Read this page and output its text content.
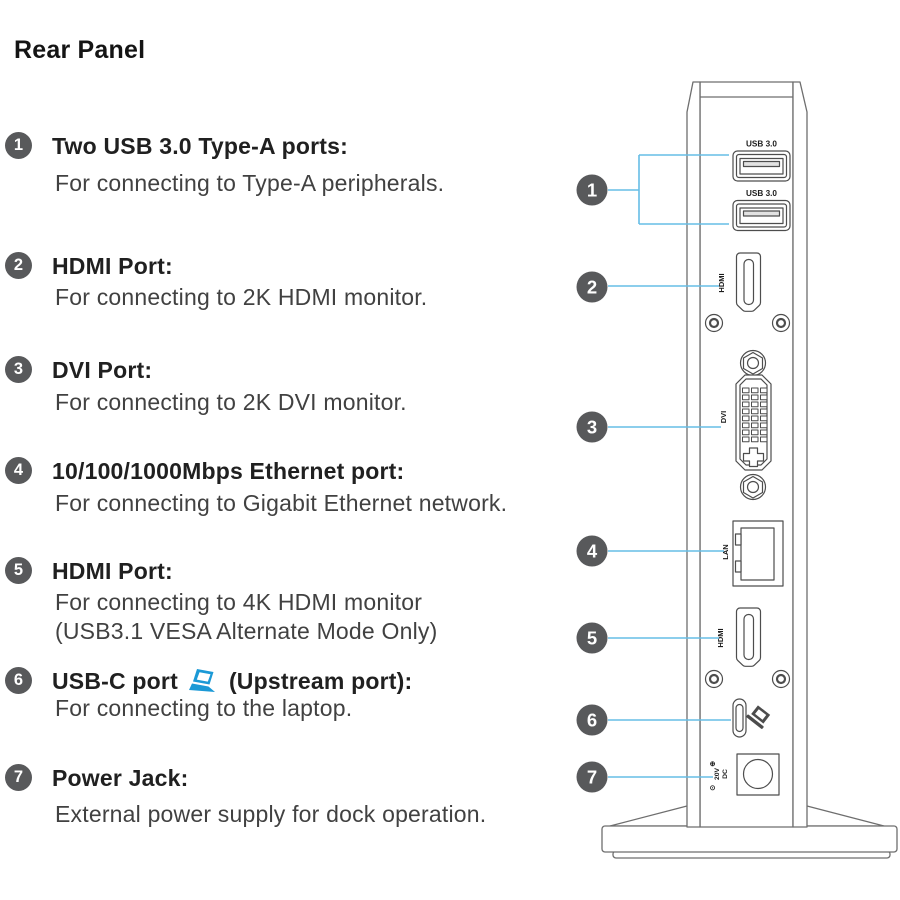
Rear Panel
1	Two USB 3.0 Type-A ports:

For connecting to Type-A peripherals.

2	HDMI Port:

For connecting to 2K HDMI monitor.

3	DVI Port:

For connecting to 2K DVI monitor.

4	10/100/1000Mbps Ethernet port:

For connecting to Gigabit Ethernet network.

5	HDMI Port:

For connecting to 4K HDMI monitor
(USB3.1 VESA Alternate Mode Only)

6	USB-C port (Upstream port):

For connecting to the laptop.

7	Power Jack:

External power supply for dock operation.

USB 3.0
USB 3.0
HDMI
DVI
LAN
HDMI
DC
20V
⊕
⊙
1
2
3
4
5
6
7
